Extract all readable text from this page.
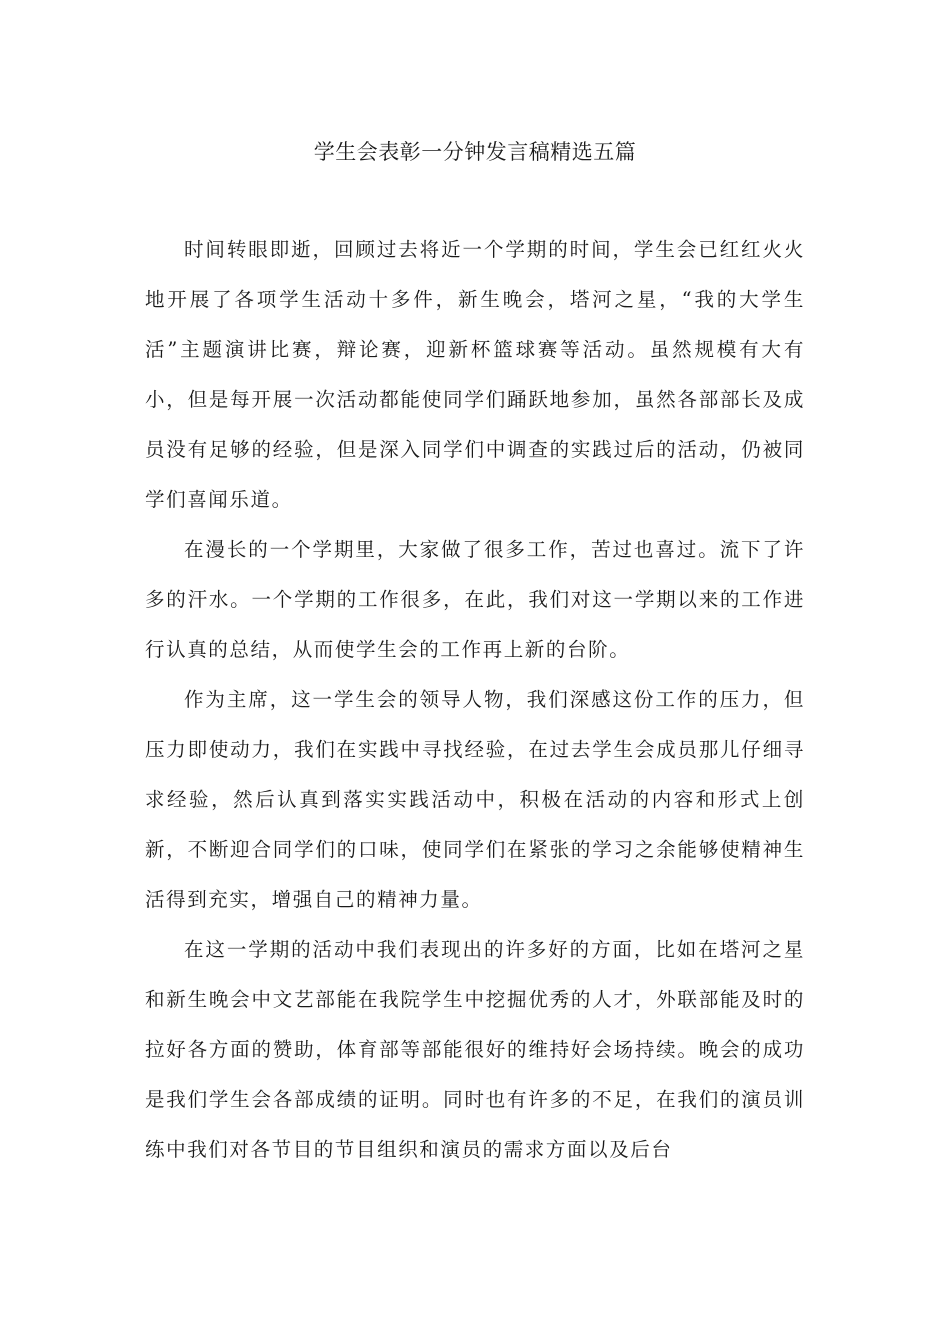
学生会表彰一分钟发言稿精选五篇

时间转眼即逝，回顾过去将近一个学期的时间，学生会已红红火火地开展了各项学生活动十多件，新生晚会，塔河之星，“我的大学生活”主题演讲比赛，辩论赛，迎新杯篮球赛等活动。虽然规模有大有小，但是每开展一次活动都能使同学们踊跃地参加，虽然各部部长及成员没有足够的经验，但是深入同学们中调查的实践过后的活动，仍被同学们喜闻乐道。

在漫长的一个学期里，大家做了很多工作，苦过也喜过。流下了许多的汗水。一个学期的工作很多，在此，我们对这一学期以来的工作进行认真的总结，从而使学生会的工作再上新的台阶。

作为主席，这一学生会的领导人物，我们深感这份工作的压力，但压力即使动力，我们在实践中寻找经验，在过去学生会成员那儿仔细寻求经验，然后认真到落实实践活动中，积极在活动的内容和形式上创新，不断迎合同学们的口味，使同学们在紧张的学习之余能够使精神生活得到充实，增强自己的精神力量。

在这一学期的活动中我们表现出的许多好的方面，比如在塔河之星和新生晚会中文艺部能在我院学生中挖掘优秀的人才，外联部能及时的拉好各方面的赞助，体育部等部能很好的维持好会场持续。晚会的成功是我们学生会各部成绩的证明。同时也有许多的不足，在我们的演员训练中我们对各节目的节目组织和演员的需求方面以及后台
